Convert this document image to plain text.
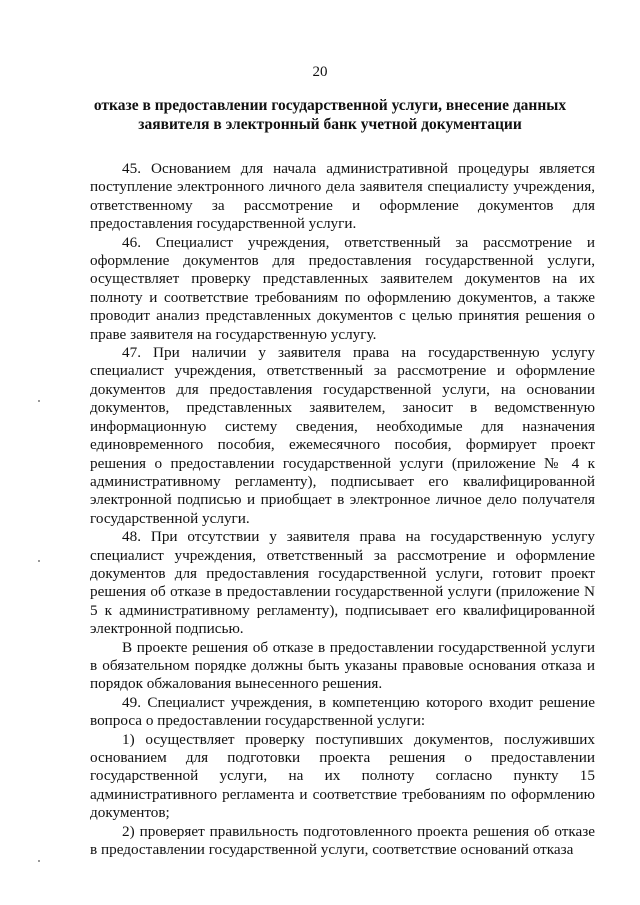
20
отказе в предоставлении государственной услуги, внесение данных заявителя в электронный банк учетной документации

45. Основанием для начала административной процедуры является поступление электронного личного дела заявителя специалисту учреждения, ответственному за рассмотрение и оформление документов для предоставления государственной услуги.

46. Специалист учреждения, ответственный за рассмотрение и оформление документов для предоставления государственной услуги, осуществляет проверку представленных заявителем документов на их полноту и соответствие требованиям по оформлению документов, а также проводит анализ представленных документов с целью принятия решения о праве заявителя на государственную услугу.

47. При наличии у заявителя права на государственную услугу специалист учреждения, ответственный за рассмотрение и оформление документов для предоставления государственной услуги, на основании документов, представленных заявителем, заносит в ведомственную информационную систему сведения, необходимые для назначения единовременного пособия, ежемесячного пособия, формирует проект решения о предоставлении государственной услуги (приложение № 4 к административному регламенту), подписывает его квалифицированной электронной подписью и приобщает в электронное личное дело получателя государственной услуги.

48. При отсутствии у заявителя права на государственную услугу специалист учреждения, ответственный за рассмотрение и оформление документов для предоставления государственной услуги, готовит проект решения об отказе в предоставлении государственной услуги (приложение N 5 к административному регламенту), подписывает его квалифицированной электронной подписью.

В проекте решения об отказе в предоставлении государственной услуги в обязательном порядке должны быть указаны правовые основания отказа и порядок обжалования вынесенного решения.

49. Специалист учреждения, в компетенцию которого входит решение вопроса о предоставлении государственной услуги:

1) осуществляет проверку поступивших документов, послуживших основанием для подготовки проекта решения о предоставлении государственной услуги, на их полноту согласно пункту 15 административного регламента и соответствие требованиям по оформлению документов;

2) проверяет правильность подготовленного проекта решения об отказе в предоставлении государственной услуги, соответствие оснований отказа
